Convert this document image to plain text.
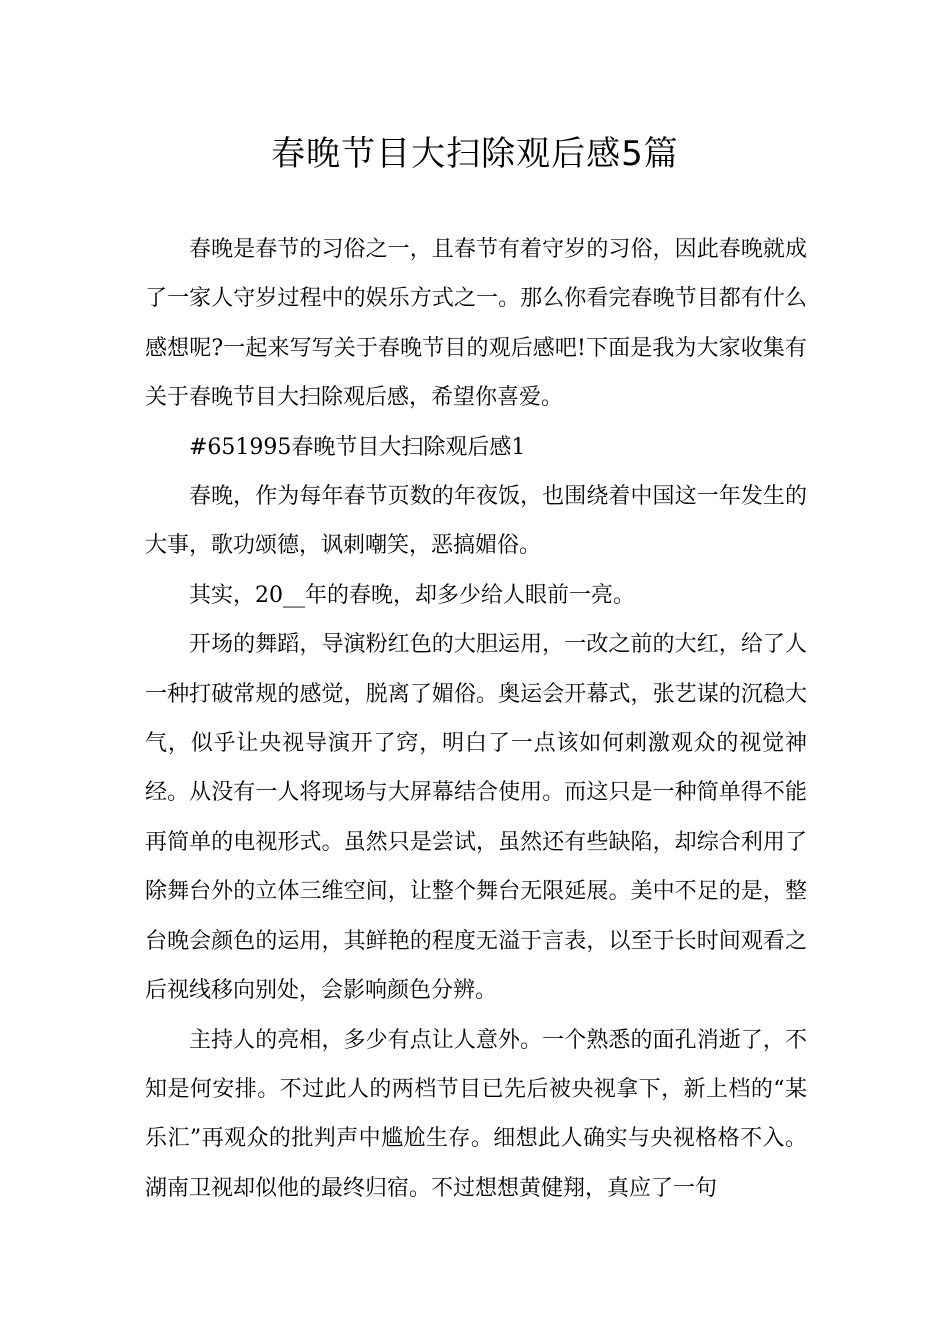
春晚节目大扫除观后感5篇

春晚是春节的习俗之一，且春节有着守岁的习俗，因此春晚就成了一家人守岁过程中的娱乐方式之一。那么你看完春晚节目都有什么感想呢?一起来写写关于春晚节目的观后感吧!下面是我为大家收集有关于春晚节目大扫除观后感，希望你喜爱。

#651995春晚节目大扫除观后感1

春晚，作为每年春节页数的年夜饭，也围绕着中国这一年发生的大事，歌功颂德，讽刺嘲笑，恶搞媚俗。

其实，20__年的春晚，却多少给人眼前一亮。

开场的舞蹈，导演粉红色的大胆运用，一改之前的大红，给了人一种打破常规的感觉，脱离了媚俗。奥运会开幕式，张艺谋的沉稳大气，似乎让央视导演开了窍，明白了一点该如何刺激观众的视觉神经。从没有一人将现场与大屏幕结合使用。而这只是一种简单得不能再简单的电视形式。虽然只是尝试，虽然还有些缺陷，却综合利用了除舞台外的立体三维空间，让整个舞台无限延展。美中不足的是，整台晚会颜色的运用，其鲜艳的程度无溢于言表，以至于长时间观看之后视线移向别处，会影响颜色分辨。

主持人的亮相，多少有点让人意外。一个熟悉的面孔消逝了，不知是何安排。不过此人的两档节目已先后被央视拿下，新上档的“某乐汇”再观众的批判声中尴尬生存。细想此人确实与央视格格不入。湖南卫视却似他的最终归宿。不过想想黄健翔，真应了一句
